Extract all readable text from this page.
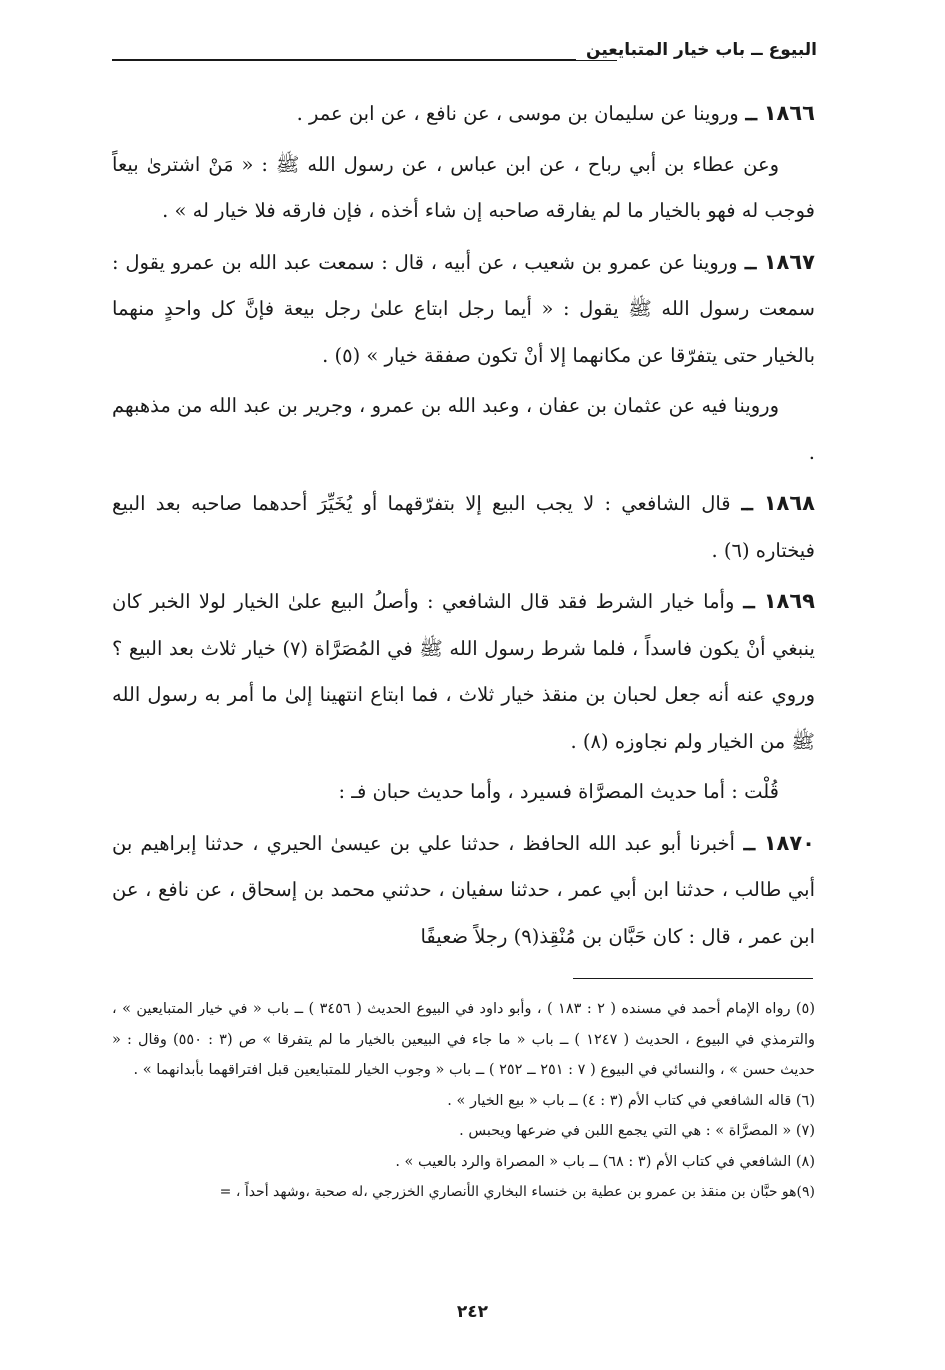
البيوع ــ باب خيار المتبايعين

١٨٦٦ ــ وروينا عن سليمان بن موسى ، عن نافع ، عن ابن عمر .

وعن عطاء بن أبي رباح ، عن ابن عباس ، عن رسول الله ﷺ : « مَنْ اشترىٰ بيعاً فوجب له فهو بالخيار ما لم يفارقه صاحبه إن شاء أخذه ، فإن فارقه فلا خيار له » .

١٨٦٧ ــ وروينا عن عمرو بن شعيب ، عن أبيه ، قال : سمعت عبد الله بن عمرو يقول : سمعت رسول الله ﷺ يقول : « أيما رجل ابتاع علىٰ رجل بيعة فإنَّ كل واحدٍ منهما بالخيار حتى يتفرّقا عن مكانهما إلا أنْ تكون صفقة خيار » (٥) .

وروينا فيه عن عثمان بن عفان ، وعبد الله بن عمرو ، وجرير بن عبد الله من مذهبهم .

١٨٦٨ ــ قال الشافعي : لا يجب البيع إلا بتفرّقهما أو يُخَيِّرَ أحدهما صاحبه بعد البيع فيختاره (٦) .

١٨٦٩ ــ وأما خيار الشرط فقد قال الشافعي : وأصلُ البيع علىٰ الخيار لولا الخبر كان ينبغي أنْ يكون فاسداً ، فلما شرط رسول الله ﷺ في المُصَرَّاة (٧) خيار ثلاث بعد البيع ؟ وروي عنه أنه جعل لحبان بن منقذ خيار ثلاث ، فما ابتاع انتهينا إلىٰ ما أمر به رسول الله ﷺ من الخيار ولم نجاوزه (٨) .

قُلْت : أما حديث المصرَّاة فسيرد ، وأما حديث حبان فـ :

١٨٧٠ ــ أخبرنا أبو عبد الله الحافظ ، حدثنا علي بن عيسىٰ الحيري ، حدثنا إبراهيم بن أبي طالب ، حدثنا ابن أبي عمر ، حدثنا سفيان ، حدثني محمد بن إسحاق ، عن نافع ، عن ابن عمر ، قال : كان حَبَّان بن مُنْقِذ(٩) رجلاً ضعيفًا

(٥) رواه الإمام أحمد في مسنده ( ٢ : ١٨٣ ) ، وأبو داود في البيوع الحديث ( ٣٤٥٦ ) ــ باب « في خيار المتبايعين » ، والترمذي في البيوع ، الحديث ( ١٢٤٧ ) ــ باب « ما جاء في البيعين بالخيار ما لم يتفرقا » ص (٣ : ٥٥٠) وقال : « حديث حسن » ، والنسائي في البيوع ( ٧ : ٢٥١ ــ ٢٥٢ ) ــ باب « وجوب الخيار للمتبايعين قبل افتراقهما بأبدانهما » .

(٦) قاله الشافعي في كتاب الأم (٣ : ٤) ــ باب « بيع الخيار » .

(٧) « المصرَّاة » : هي التي يجمع اللبن في ضرعها ويحبس .

(٨) الشافعي في كتاب الأم (٣ : ٦٨) ــ باب « المصراة والرد بالعيب » .

(٩)هو حبَّان بن منقذ بن عمرو بن عطية بن خنساء البخاري الأنصاري الخزرجي ،له صحبة ،وشهد أحداً ، =

٢٤٢
